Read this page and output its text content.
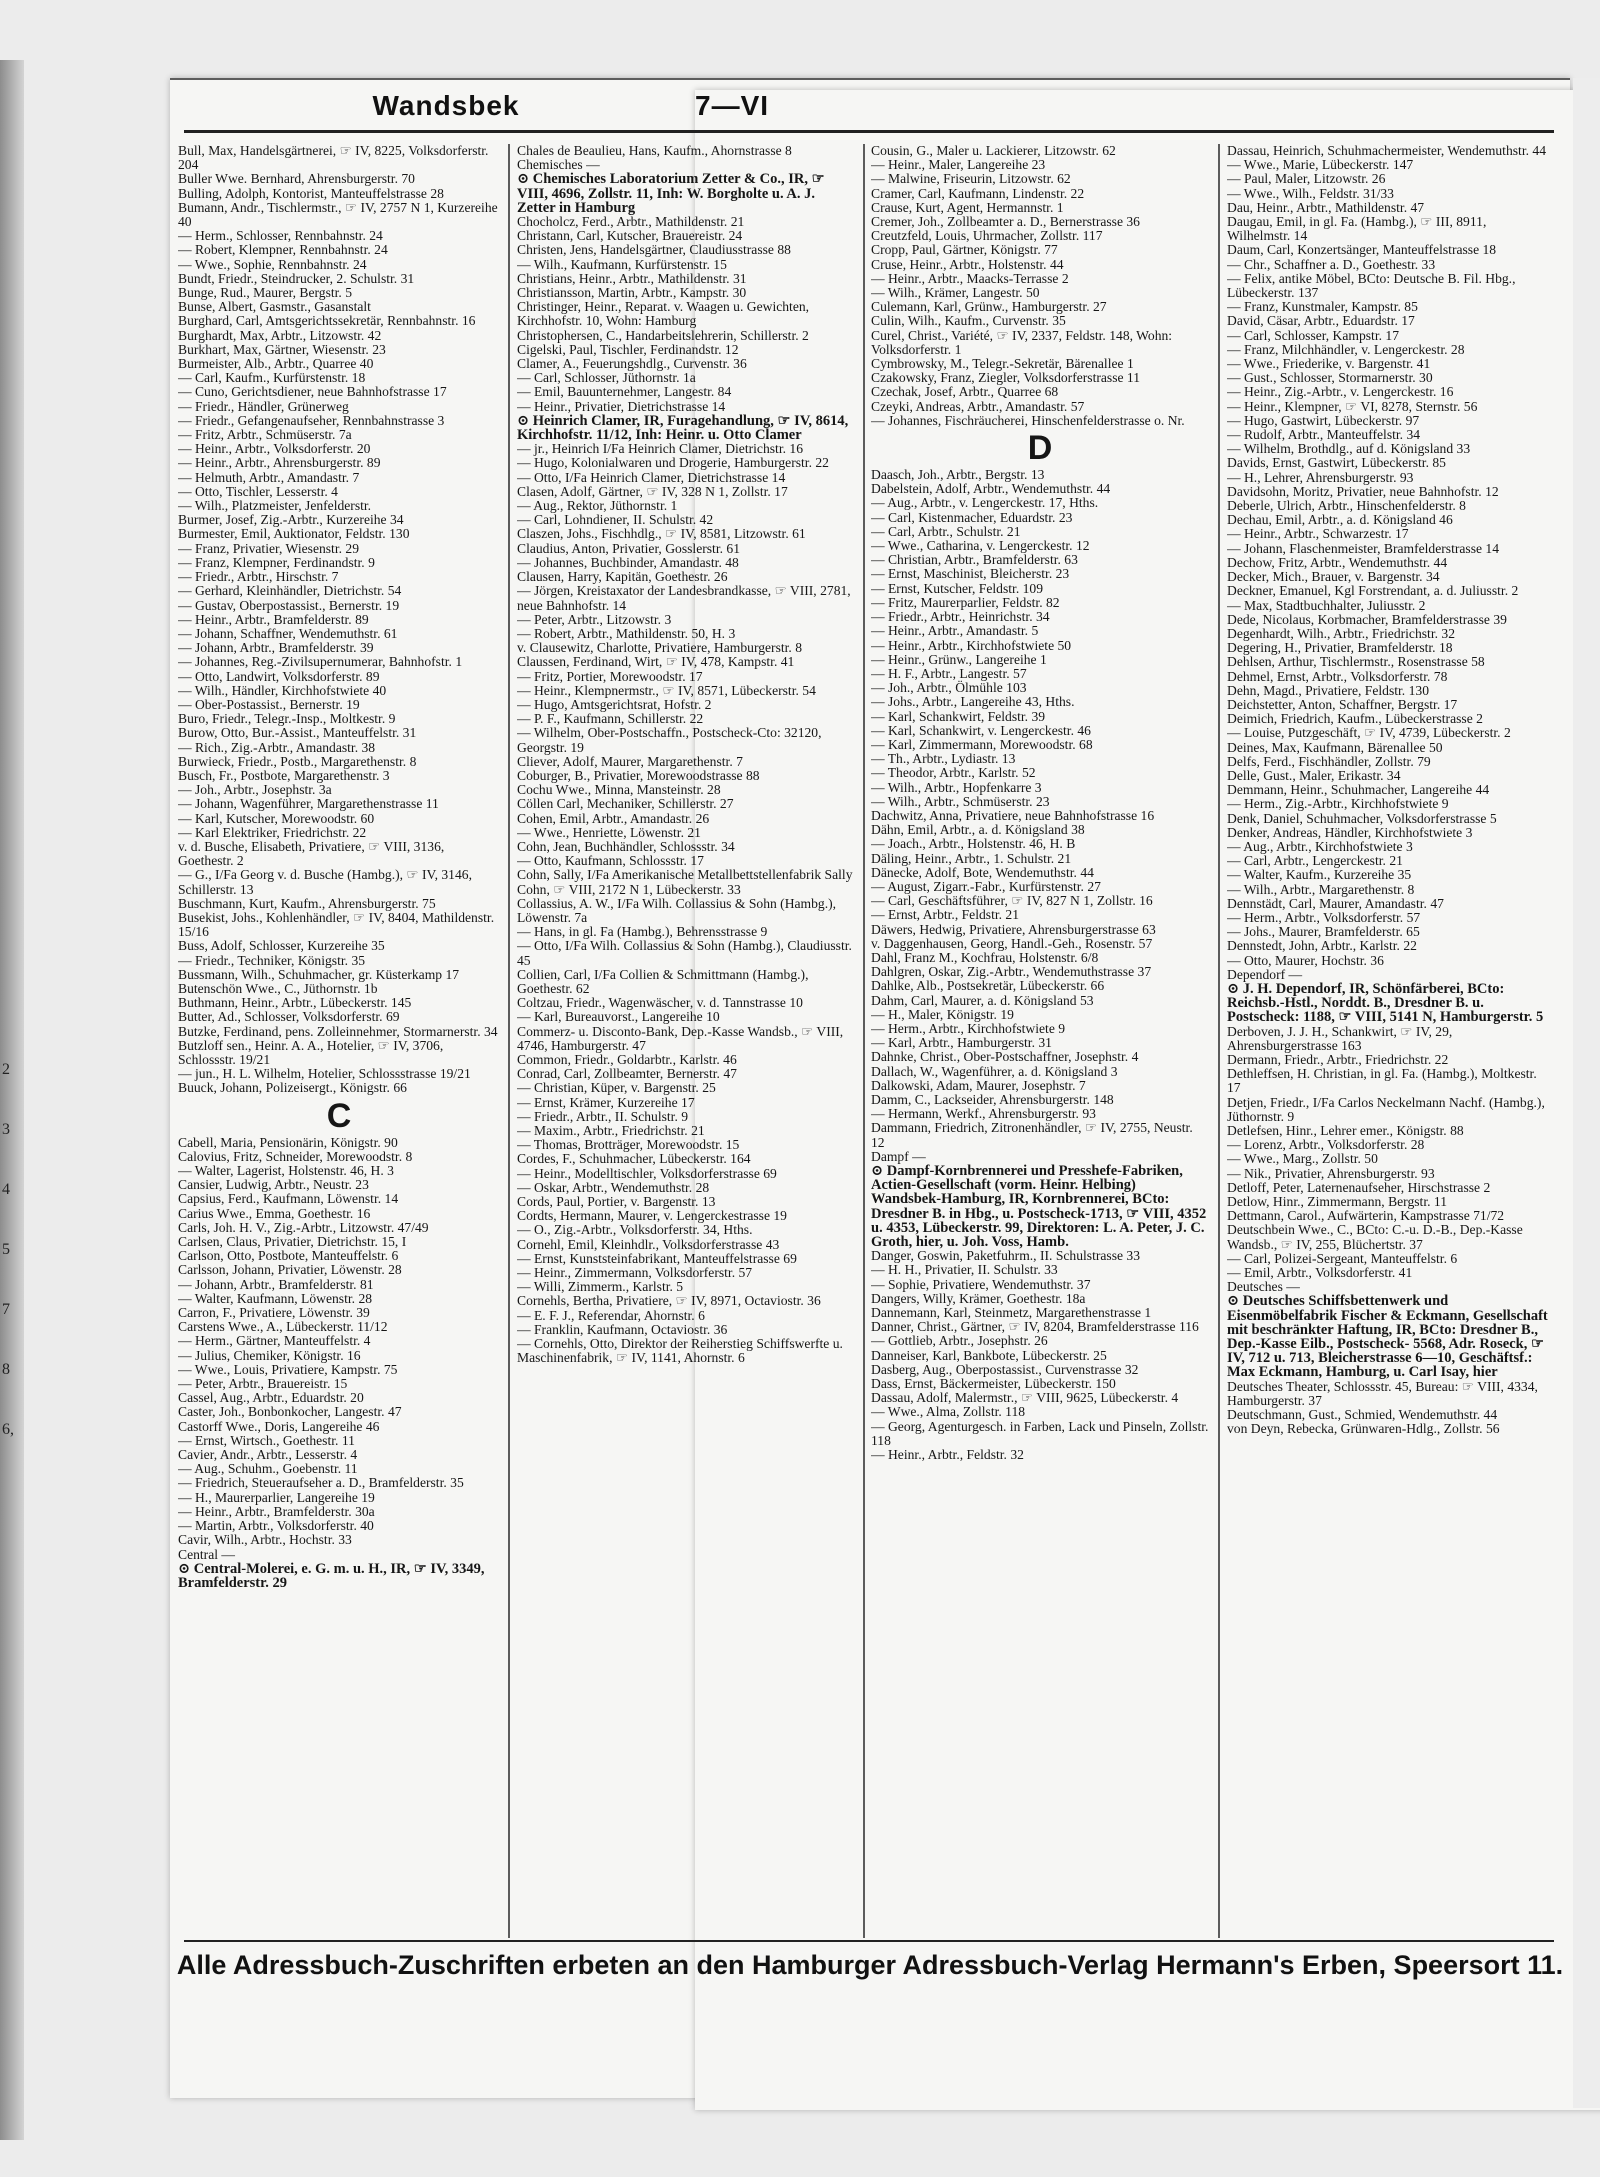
2
3
4
5
7
8
6,
Wandsbek	7—VI
Bull, Max, Handelsgärtnerei, ☞ IV, 8225, Volksdorferstr. 204
Buller Wwe. Bernhard, Ahrensburgerstr. 70
Bulling, Adolph, Kontorist, Manteuffelstrasse 28
Bumann, Andr., Tischlermstr., ☞ IV, 2757 N 1, Kurzereihe 40
— Herm., Schlosser, Rennbahnstr. 24
— Robert, Klempner, Rennbahnstr. 24
— Wwe., Sophie, Rennbahnstr. 24
Bundt, Friedr., Steindrucker, 2. Schulstr. 31
Bunge, Rud., Maurer, Bergstr. 5
Bunse, Albert, Gasmstr., Gasanstalt
Burghard, Carl, Amtsgerichtssekretär, Rennbahnstr. 16
Burghardt, Max, Arbtr., Litzowstr. 42
Burkhart, Max, Gärtner, Wiesenstr. 23
Burmeister, Alb., Arbtr., Quarree 40
— Carl, Kaufm., Kurfürstenstr. 18
— Cuno, Gerichtsdiener, neue Bahnhofstrasse 17
— Friedr., Händler, Grünerweg
— Friedr., Gefangenaufseher, Rennbahnstrasse 3
— Fritz, Arbtr., Schmüserstr. 7a
— Heinr., Arbtr., Volksdorferstr. 20
— Heinr., Arbtr., Ahrensburgerstr. 89
— Helmuth, Arbtr., Amandastr. 7
— Otto, Tischler, Lesserstr. 4
— Wilh., Platzmeister, Jenfelderstr.
Burmer, Josef, Zig.-Arbtr., Kurzereihe 34
Burmester, Emil, Auktionator, Feldstr. 130
— Franz, Privatier, Wiesenstr. 29
— Franz, Klempner, Ferdinandstr. 9
— Friedr., Arbtr., Hirschstr. 7
— Gerhard, Kleinhändler, Dietrichstr. 54
— Gustav, Oberpostassist., Bernerstr. 19
— Heinr., Arbtr., Bramfelderstr. 89
— Johann, Schaffner, Wendemuthstr. 61
— Johann, Arbtr., Bramfelderstr. 39
— Johannes, Reg.-Zivilsupernumerar, Bahnhofstr. 1
— Otto, Landwirt, Volksdorferstr. 89
— Wilh., Händler, Kirchhofstwiete 40
— Ober-Postassist., Bernerstr. 19
Buro, Friedr., Telegr.-Insp., Moltkestr. 9
Burow, Otto, Bur.-Assist., Manteuffelstr. 31
— Rich., Zig.-Arbtr., Amandastr. 38
Burwieck, Friedr., Postb., Margarethenstr. 8
Busch, Fr., Postbote, Margarethenstr. 3
— Joh., Arbtr., Josephstr. 3a
— Johann, Wagenführer, Margarethenstrasse 11
— Karl, Kutscher, Morewoodstr. 60
— Karl Elektriker, Friedrichstr. 22
v. d. Busche, Elisabeth, Privatiere, ☞ VIII, 3136, Goethestr. 2
— G., I/Fa Georg v. d. Busche (Hambg.), ☞ IV, 3146, Schillerstr. 13
Buschmann, Kurt, Kaufm., Ahrensburgerstr. 75
Busekist, Johs., Kohlenhändler, ☞ IV, 8404, Mathildenstr. 15/16
Buss, Adolf, Schlosser, Kurzereihe 35
— Friedr., Techniker, Königstr. 35
Bussmann, Wilh., Schuhmacher, gr. Küsterkamp 17
Butenschön Wwe., C., Jüthornstr. 1b
Buthmann, Heinr., Arbtr., Lübeckerstr. 145
Butter, Ad., Schlosser, Volksdorferstr. 69
Butzke, Ferdinand, pens. Zolleinnehmer, Stormarnerstr. 34
Butzloff sen., Heinr. A. A., Hotelier, ☞ IV, 3706, Schlossstr. 19/21
— jun., H. L. Wilhelm, Hotelier, Schlossstrasse 19/21
Buuck, Johann, Polizeisergt., Königstr. 66
C
Cabell, Maria, Pensionärin, Königstr. 90
Calovius, Fritz, Schneider, Morewoodstr. 8
— Walter, Lagerist, Holstenstr. 46, H. 3
Cansier, Ludwig, Arbtr., Neustr. 23
Capsius, Ferd., Kaufmann, Löwenstr. 14
Carius Wwe., Emma, Goethestr. 16
Carls, Joh. H. V., Zig.-Arbtr., Litzowstr. 47/49
Carlsen, Claus, Privatier, Dietrichstr. 15, I
Carlson, Otto, Postbote, Manteuffelstr. 6
Carlsson, Johann, Privatier, Löwenstr. 28
— Johann, Arbtr., Bramfelderstr. 81
— Walter, Kaufmann, Löwenstr. 28
Carron, F., Privatiere, Löwenstr. 39
Carstens Wwe., A., Lübeckerstr. 11/12
— Herm., Gärtner, Manteuffelstr. 4
— Julius, Chemiker, Königstr. 16
— Wwe., Louis, Privatiere, Kampstr. 75
— Peter, Arbtr., Brauereistr. 15
Cassel, Aug., Arbtr., Eduardstr. 20
Caster, Joh., Bonbonkocher, Langestr. 47
Castorff Wwe., Doris, Langereihe 46
— Ernst, Wirtsch., Goethestr. 11
Cavier, Andr., Arbtr., Lesserstr. 4
— Aug., Schuhm., Goebenstr. 11
— Friedrich, Steueraufseher a. D., Bramfelderstr. 35
— H., Maurerparlier, Langereihe 19
— Heinr., Arbtr., Bramfelderstr. 30a
— Martin, Arbtr., Volksdorferstr. 40
Cavir, Wilh., Arbtr., Hochstr. 33
Central —
⊙ Central-Molerei, e. G. m. u. H., IR, ☞ IV, 3349, Bramfelderstr. 29
Chales de Beaulieu, Hans, Kaufm., Ahornstrasse 8
Chemisches —
⊙ Chemisches Laboratorium Zetter & Co., IR, ☞ VIII, 4696, Zollstr. 11, Inh: W. Borgholte u. A. J. Zetter in Hamburg
Chocholcz, Ferd., Arbtr., Mathildenstr. 21
Christann, Carl, Kutscher, Brauereistr. 24
Christen, Jens, Handelsgärtner, Claudiusstrasse 88
— Wilh., Kaufmann, Kurfürstenstr. 15
Christians, Heinr., Arbtr., Mathildenstr. 31
Christiansson, Martin, Arbtr., Kampstr. 30
Christinger, Heinr., Reparat. v. Waagen u. Gewichten, Kirchhofstr. 10, Wohn: Hamburg
Christophersen, C., Handarbeitslehrerin, Schillerstr. 2
Cigelski, Paul, Tischler, Ferdinandstr. 12
Clamer, A., Feuerungshdlg., Curvenstr. 36
— Carl, Schlosser, Jüthornstr. 1a
— Emil, Bauunternehmer, Langestr. 84
— Heinr., Privatier, Dietrichstrasse 14
⊙ Heinrich Clamer, IR, Furagehandlung, ☞ IV, 8614, Kirchhofstr. 11/12, Inh: Heinr. u. Otto Clamer
— jr., Heinrich I/Fa Heinrich Clamer, Dietrichstr. 16
— Hugo, Kolonialwaren und Drogerie, Hamburgerstr. 22
— Otto, I/Fa Heinrich Clamer, Dietrichstrasse 14
Clasen, Adolf, Gärtner, ☞ IV, 328 N 1, Zollstr. 17
— Aug., Rektor, Jüthornstr. 1
— Carl, Lohndiener, II. Schulstr. 42
Claszen, Johs., Fischhdlg., ☞ IV, 8581, Litzowstr. 61
Claudius, Anton, Privatier, Gosslerstr. 61
— Johannes, Buchbinder, Amandastr. 48
Clausen, Harry, Kapitän, Goethestr. 26
— Jörgen, Kreistaxator der Landesbrandkasse, ☞ VIII, 2781, neue Bahnhofstr. 14
— Peter, Arbtr., Litzowstr. 3
— Robert, Arbtr., Mathildenstr. 50, H. 3
v. Clausewitz, Charlotte, Privatiere, Hamburgerstr. 8
Claussen, Ferdinand, Wirt, ☞ IV, 478, Kampstr. 41
— Fritz, Portier, Morewoodstr. 17
— Heinr., Klempnermstr., ☞ IV, 8571, Lübeckerstr. 54
— Hugo, Amtsgerichtsrat, Hofstr. 2
— P. F., Kaufmann, Schillerstr. 22
— Wilhelm, Ober-Postschaffn., Postscheck-Cto: 32120, Georgstr. 19
Cliever, Adolf, Maurer, Margarethenstr. 7
Coburger, B., Privatier, Morewoodstrasse 88
Cochu Wwe., Minna, Mansteinstr. 28
Cöllen Carl, Mechaniker, Schillerstr. 27
Cohen, Emil, Arbtr., Amandastr. 26
— Wwe., Henriette, Löwenstr. 21
Cohn, Jean, Buchhändler, Schlossstr. 34
— Otto, Kaufmann, Schlossstr. 17
Cohn, Sally, I/Fa Amerikanische Metallbettstellenfabrik Sally Cohn, ☞ VIII, 2172 N 1, Lübeckerstr. 33
Collassius, A. W., I/Fa Wilh. Collassius & Sohn (Hambg.), Löwenstr. 7a
— Hans, in gl. Fa (Hambg.), Behrensstrasse 9
— Otto, I/Fa Wilh. Collassius & Sohn (Hambg.), Claudiusstr. 45
Collien, Carl, I/Fa Collien & Schmittmann (Hambg.), Goethestr. 62
Coltzau, Friedr., Wagenwäscher, v. d. Tannstrasse 10
— Karl, Bureauvorst., Langereihe 10
Commerz- u. Disconto-Bank, Dep.-Kasse Wandsb., ☞ VIII, 4746, Hamburgerstr. 47
Common, Friedr., Goldarbtr., Karlstr. 46
Conrad, Carl, Zollbeamter, Bernerstr. 47
— Christian, Küper, v. Bargenstr. 25
— Ernst, Krämer, Kurzereihe 17
— Friedr., Arbtr., II. Schulstr. 9
— Maxim., Arbtr., Friedrichstr. 21
— Thomas, Brotträger, Morewoodstr. 15
Cordes, F., Schuhmacher, Lübeckerstr. 164
— Heinr., Modelltischler, Volksdorferstrasse 69
— Oskar, Arbtr., Wendemuthstr. 28
Cords, Paul, Portier, v. Bargenstr. 13
Cordts, Hermann, Maurer, v. Lengerckestrasse 19
— O., Zig.-Arbtr., Volksdorferstr. 34, Hths.
Cornehl, Emil, Kleinhdlr., Volksdorferstrasse 43
— Ernst, Kunststeinfabrikant, Manteuffelstrasse 69
— Heinr., Zimmermann, Volksdorferstr. 57
— Willi, Zimmerm., Karlstr. 5
Cornehls, Bertha, Privatiere, ☞ IV, 8971, Octaviostr. 36
— E. F. J., Referendar, Ahornstr. 6
— Franklin, Kaufmann, Octaviostr. 36
— Cornehls, Otto, Direktor der Reiherstieg Schiffswerfte u. Maschinenfabrik, ☞ IV, 1141, Ahornstr. 6
Cousin, G., Maler u. Lackierer, Litzowstr. 62
— Heinr., Maler, Langereihe 23
— Malwine, Friseurin, Litzowstr. 62
Cramer, Carl, Kaufmann, Lindenstr. 22
Crause, Kurt, Agent, Hermannstr. 1
Cremer, Joh., Zollbeamter a. D., Bernerstrasse 36
Creutzfeld, Louis, Uhrmacher, Zollstr. 117
Cropp, Paul, Gärtner, Königstr. 77
Cruse, Heinr., Arbtr., Holstenstr. 44
— Heinr., Arbtr., Maacks-Terrasse 2
— Wilh., Krämer, Langestr. 50
Culemann, Karl, Grünw., Hamburgerstr. 27
Culin, Wilh., Kaufm., Curvenstr. 35
Curel, Christ., Variété, ☞ IV, 2337, Feldstr. 148, Wohn: Volksdorferstr. 1
Cymbrowsky, M., Telegr.-Sekretär, Bärenallee 1
Czakowsky, Franz, Ziegler, Volksdorferstrasse 11
Czechak, Josef, Arbtr., Quarree 68
Czeyki, Andreas, Arbtr., Amandastr. 57
— Johannes, Fischräucherei, Hinschenfelderstrasse o. Nr.
D
Daasch, Joh., Arbtr., Bergstr. 13
Dabelstein, Adolf, Arbtr., Wendemuthstr. 44
— Aug., Arbtr., v. Lengerckestr. 17, Hths.
— Carl, Kistenmacher, Eduardstr. 23
— Carl, Arbtr., Schulstr. 21
— Wwe., Catharina, v. Lengerckestr. 12
— Christian, Arbtr., Bramfelderstr. 63
— Ernst, Maschinist, Bleicherstr. 23
— Ernst, Kutscher, Feldstr. 109
— Fritz, Maurerparlier, Feldstr. 82
— Friedr., Arbtr., Heinrichstr. 34
— Heinr., Arbtr., Amandastr. 5
— Heinr., Arbtr., Kirchhofstwiete 50
— Heinr., Grünw., Langereihe 1
— H. F., Arbtr., Langestr. 57
— Joh., Arbtr., Ölmühle 103
— Johs., Arbtr., Langereihe 43, Hths.
— Karl, Schankwirt, Feldstr. 39
— Karl, Schankwirt, v. Lengerckestr. 46
— Karl, Zimmermann, Morewoodstr. 68
— Th., Arbtr., Lydiastr. 13
— Theodor, Arbtr., Karlstr. 52
— Wilh., Arbtr., Hopfenkarre 3
— Wilh., Arbtr., Schmüserstr. 23
Dachwitz, Anna, Privatiere, neue Bahnhofstrasse 16
Dähn, Emil, Arbtr., a. d. Königsland 38
— Joach., Arbtr., Holstenstr. 46, H. B
Däling, Heinr., Arbtr., 1. Schulstr. 21
Dänecke, Adolf, Bote, Wendemuthstr. 44
— August, Zigarr.-Fabr., Kurfürstenstr. 27
— Carl, Geschäftsführer, ☞ IV, 827 N 1, Zollstr. 16
— Ernst, Arbtr., Feldstr. 21
Däwers, Hedwig, Privatiere, Ahrensburgerstrasse 63
v. Daggenhausen, Georg, Handl.-Geh., Rosenstr. 57
Dahl, Franz M., Kochfrau, Holstenstr. 6/8
Dahlgren, Oskar, Zig.-Arbtr., Wendemuthstrasse 37
Dahlke, Alb., Postsekretär, Lübeckerstr. 66
Dahm, Carl, Maurer, a. d. Königsland 53
— H., Maler, Königstr. 19
— Herm., Arbtr., Kirchhofstwiete 9
— Karl, Arbtr., Hamburgerstr. 31
Dahnke, Christ., Ober-Postschaffner, Josephstr. 4
Dallach, W., Wagenführer, a. d. Königsland 3
Dalkowski, Adam, Maurer, Josephstr. 7
Damm, C., Lackseider, Ahrensburgerstr. 148
— Hermann, Werkf., Ahrensburgerstr. 93
Dammann, Friedrich, Zitronenhändler, ☞ IV, 2755, Neustr. 12
Dampf —
⊙ Dampf-Kornbrennerei und Presshefe-Fabriken, Actien-Gesellschaft (vorm. Heinr. Helbing) Wandsbek-Hamburg, IR, Kornbrennerei, BCto: Dresdner B. in Hbg., u. Postscheck-1713, ☞ VIII, 4352 u. 4353, Lübeckerstr. 99, Direktoren: L. A. Peter, J. C. Groth, hier, u. Joh. Voss, Hamb.
Danger, Goswin, Paketfuhrm., II. Schulstrasse 33
— H. H., Privatier, II. Schulstr. 33
— Sophie, Privatiere, Wendemuthstr. 37
Dangers, Willy, Krämer, Goethestr. 18a
Dannemann, Karl, Steinmetz, Margarethenstrasse 1
Danner, Christ., Gärtner, ☞ IV, 8204, Bramfelderstrasse 116
— Gottlieb, Arbtr., Josephstr. 26
Danneiser, Karl, Bankbote, Lübeckerstr. 25
Dasberg, Aug., Oberpostassist., Curvenstrasse 32
Dass, Ernst, Bäckermeister, Lübeckerstr. 150
Dassau, Adolf, Malermstr., ☞ VIII, 9625, Lübeckerstr. 4
— Wwe., Alma, Zollstr. 118
— Georg, Agenturgesch. in Farben, Lack und Pinseln, Zollstr. 118
— Heinr., Arbtr., Feldstr. 32
Dassau, Heinrich, Schuhmachermeister, Wendemuthstr. 44
— Wwe., Marie, Lübeckerstr. 147
— Paul, Maler, Litzowstr. 26
— Wwe., Wilh., Feldstr. 31/33
Dau, Heinr., Arbtr., Mathildenstr. 47
Daugau, Emil, in gl. Fa. (Hambg.), ☞ III, 8911, Wilhelmstr. 14
Daum, Carl, Konzertsänger, Manteuffelstrasse 18
— Chr., Schaffner a. D., Goethestr. 33
— Felix, antike Möbel, BCto: Deutsche B. Fil. Hbg., Lübeckerstr. 137
— Franz, Kunstmaler, Kampstr. 85
David, Cäsar, Arbtr., Eduardstr. 17
— Carl, Schlosser, Kampstr. 17
— Franz, Milchhändler, v. Lengerckestr. 28
— Wwe., Friederike, v. Bargenstr. 41
— Gust., Schlosser, Stormarnerstr. 30
— Heinr., Zig.-Arbtr., v. Lengerckestr. 16
— Heinr., Klempner, ☞ VI, 8278, Sternstr. 56
— Hugo, Gastwirt, Lübeckerstr. 97
— Rudolf, Arbtr., Manteuffelstr. 34
— Wilhelm, Brothdlg., auf d. Königsland 33
Davids, Ernst, Gastwirt, Lübeckerstr. 85
— H., Lehrer, Ahrensburgerstr. 93
Davidsohn, Moritz, Privatier, neue Bahnhofstr. 12
Deberle, Ulrich, Arbtr., Hinschenfelderstr. 8
Dechau, Emil, Arbtr., a. d. Königsland 46
— Heinr., Arbtr., Schwarzestr. 17
— Johann, Flaschenmeister, Bramfelderstrasse 14
Dechow, Fritz, Arbtr., Wendemuthstr. 44
Decker, Mich., Brauer, v. Bargenstr. 34
Deckner, Emanuel, Kgl Forstrendant, a. d. Juliusstr. 2
— Max, Stadtbuchhalter, Juliusstr. 2
Dede, Nicolaus, Korbmacher, Bramfelderstrasse 39
Degenhardt, Wilh., Arbtr., Friedrichstr. 32
Degering, H., Privatier, Bramfelderstr. 18
Dehlsen, Arthur, Tischlermstr., Rosenstrasse 58
Dehmel, Ernst, Arbtr., Volksdorferstr. 78
Dehn, Magd., Privatiere, Feldstr. 130
Deichstetter, Anton, Schaffner, Bergstr. 17
Deimich, Friedrich, Kaufm., Lübeckerstrasse 2
— Louise, Putzgeschäft, ☞ IV, 4739, Lübeckerstr. 2
Deines, Max, Kaufmann, Bärenallee 50
Delfs, Ferd., Fischhändler, Zollstr. 79
Delle, Gust., Maler, Erikastr. 34
Demmann, Heinr., Schuhmacher, Langereihe 44
— Herm., Zig.-Arbtr., Kirchhofstwiete 9
Denk, Daniel, Schuhmacher, Volksdorferstrasse 5
Denker, Andreas, Händler, Kirchhofstwiete 3
— Aug., Arbtr., Kirchhofstwiete 3
— Carl, Arbtr., Lengerckestr. 21
— Walter, Kaufm., Kurzereihe 35
— Wilh., Arbtr., Margarethenstr. 8
Dennstädt, Carl, Maurer, Amandastr. 47
— Herm., Arbtr., Volksdorferstr. 57
— Johs., Maurer, Bramfelderstr. 65
Dennstedt, John, Arbtr., Karlstr. 22
— Otto, Maurer, Hochstr. 36
Dependorf —
⊙ J. H. Dependorf, IR, Schönfärberei, BCto: Reichsb.-Hstl., Norddt. B., Dresdner B. u. Postscheck: 1188, ☞ VIII, 5141 N, Hamburgerstr. 5
Derboven, J. J. H., Schankwirt, ☞ IV, 29, Ahrensburgerstrasse 163
Dermann, Friedr., Arbtr., Friedrichstr. 22
Dethleffsen, H. Christian, in gl. Fa. (Hambg.), Moltkestr. 17
Detjen, Friedr., I/Fa Carlos Neckelmann Nachf. (Hambg.), Jüthornstr. 9
Detlefsen, Hinr., Lehrer emer., Königstr. 88
— Lorenz, Arbtr., Volksdorferstr. 28
— Wwe., Marg., Zollstr. 50
— Nik., Privatier, Ahrensburgerstr. 93
Detloff, Peter, Laternenaufseher, Hirschstrasse 2
Detlow, Hinr., Zimmermann, Bergstr. 11
Dettmann, Carol., Aufwärterin, Kampstrasse 71/72
Deutschbein Wwe., C., BCto: C.-u. D.-B., Dep.-Kasse Wandsb., ☞ IV, 255, Blüchertstr. 37
— Carl, Polizei-Sergeant, Manteuffelstr. 6
— Emil, Arbtr., Volksdorferstr. 41
Deutsches —
⊙ Deutsches Schiffsbettenwerk und Eisenmöbelfabrik Fischer & Eckmann, Gesellschaft mit beschränkter Haftung, IR, BCto: Dresdner B., Dep.-Kasse Eilb., Postscheck- 5568, Adr. Roseck, ☞ IV, 712 u. 713, Bleicherstrasse 6—10, Geschäftsf.: Max Eckmann, Hamburg, u. Carl Isay, hier
Deutsches Theater, Schlossstr. 45, Bureau: ☞ VIII, 4334, Hamburgerstr. 37
Deutschmann, Gust., Schmied, Wendemuthstr. 44
von Deyn, Rebecka, Grünwaren-Hdlg., Zollstr. 56
Alle Adressbuch-Zuschriften erbeten an den Hamburger Adressbuch-Verlag Hermann's Erben, Speersort 11.
